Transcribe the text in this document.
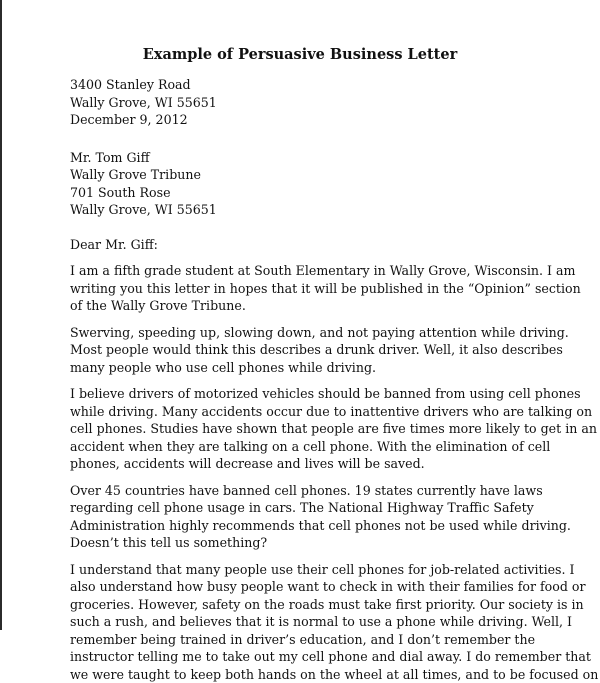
Example of Persuasive Business Letter
3400 Stanley Road
Wally Grove, WI 55651
December 9, 2012
Mr. Tom Giff
Wally Grove Tribune
701 South Rose
Wally Grove, WI 55651
Dear Mr. Giff:
I am a fifth grade student at South Elementary in Wally Grove, Wisconsin. I am
writing you this letter in hopes that it will be published in the “Opinion” section
of the Wally Grove Tribune.
Swerving, speeding up, slowing down, and not paying attention while driving.
Most people would think this describes a drunk driver. Well, it also describes
many people who use cell phones while driving.
I believe drivers of motorized vehicles should be banned from using cell phones
while driving. Many accidents occur due to inattentive drivers who are talking on
cell phones. Studies have shown that people are five times more likely to get in an
accident when they are talking on a cell phone. With the elimination of cell
phones, accidents will decrease and lives will be saved.
Over 45 countries have banned cell phones. 19 states currently have laws
regarding cell phone usage in cars. The National Highway Traffic Safety
Administration highly recommends that cell phones not be used while driving.
Doesn’t this tell us something?
I understand that many people use their cell phones for job-related activities. I
also understand how busy people want to check in with their families for food or
groceries. However, safety on the roads must take first priority. Our society is in
such a rush, and believes that it is normal to use a phone while driving. Well, I
remember being trained in driver’s education, and I don’t remember the
instructor telling me to take out my cell phone and dial away. I do remember that
we were taught to keep both hands on the wheel at all times, and to be focused on
